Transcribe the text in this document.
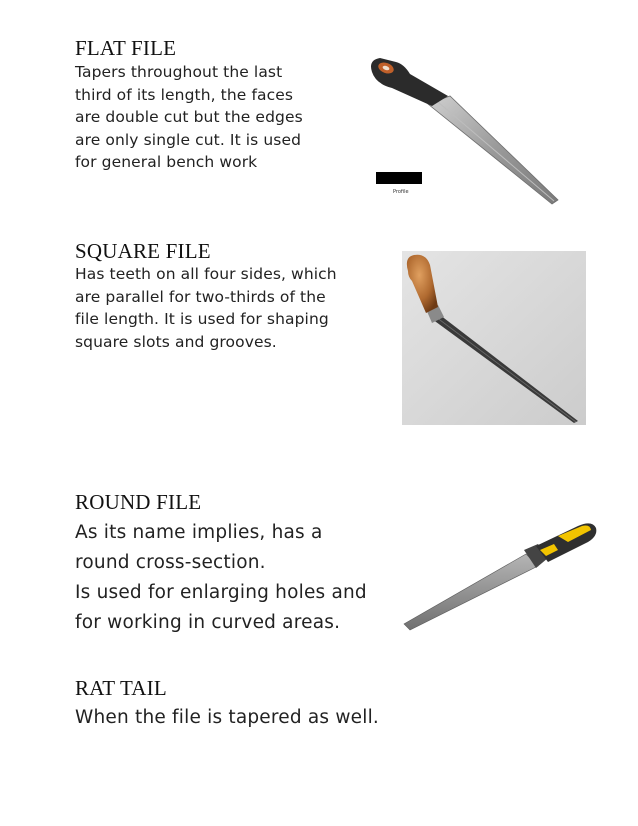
FLAT FILE
Tapers throughout the last
third of its length, the faces
are double cut but the edges
are only single cut. It is used
for general bench work
Profile
SQUARE FILE
Has teeth on all four sides, which
are parallel for two-thirds of the
file length. It is used for shaping
square slots and grooves.
ROUND FILE
As its name implies, has a
round cross-section.
Is used for enlarging holes and
for working in curved areas.
RAT TAIL
When the file is tapered as well.
